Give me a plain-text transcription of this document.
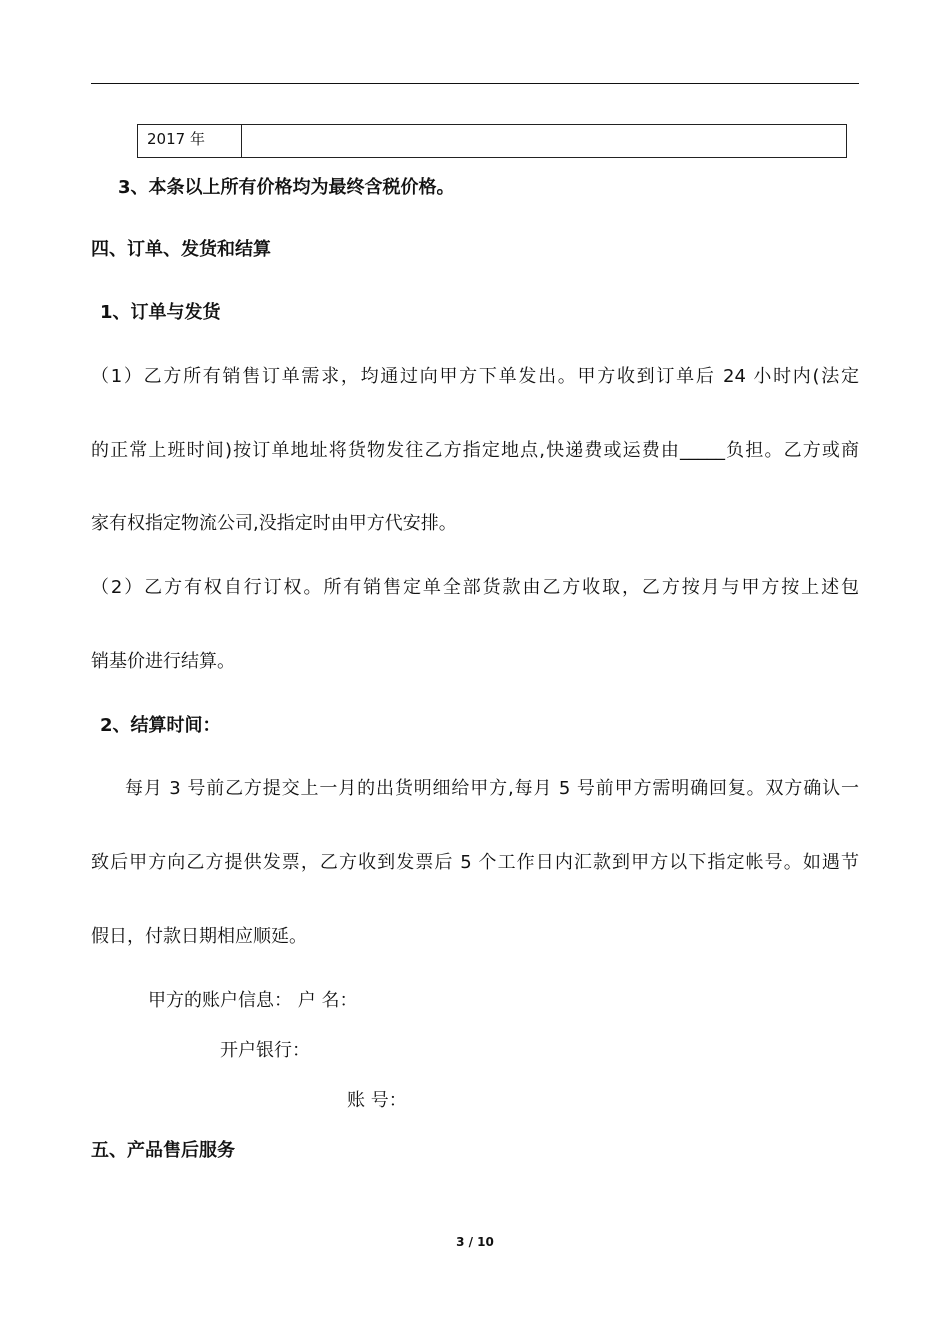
2017 年
3、本条以上所有价格均为最终含税价格。
四、订单、发货和结算
1、订单与发货
（1）乙方所有销售订单需求，均通过向甲方下单发出。甲方收到订单后 24 小时内(法定
的正常上班时间)按订单地址将货物发往乙方指定地点,快递费或运费由_____负担。乙方或商
家有权指定物流公司,没指定时由甲方代安排。
（2）乙方有权自行订权。所有销售定单全部货款由乙方收取，乙方按月与甲方按上述包
销基价进行结算。
2、结算时间：
每月 3 号前乙方提交上一月的出货明细给甲方,每月 5 号前甲方需明确回复。双方确认一
致后甲方向乙方提供发票，乙方收到发票后 5 个工作日内汇款到甲方以下指定帐号。如遇节
假日，付款日期相应顺延。
甲方的账户信息： 户 名：
开户银行：
账 号：
五、产品售后服务
3 / 10
